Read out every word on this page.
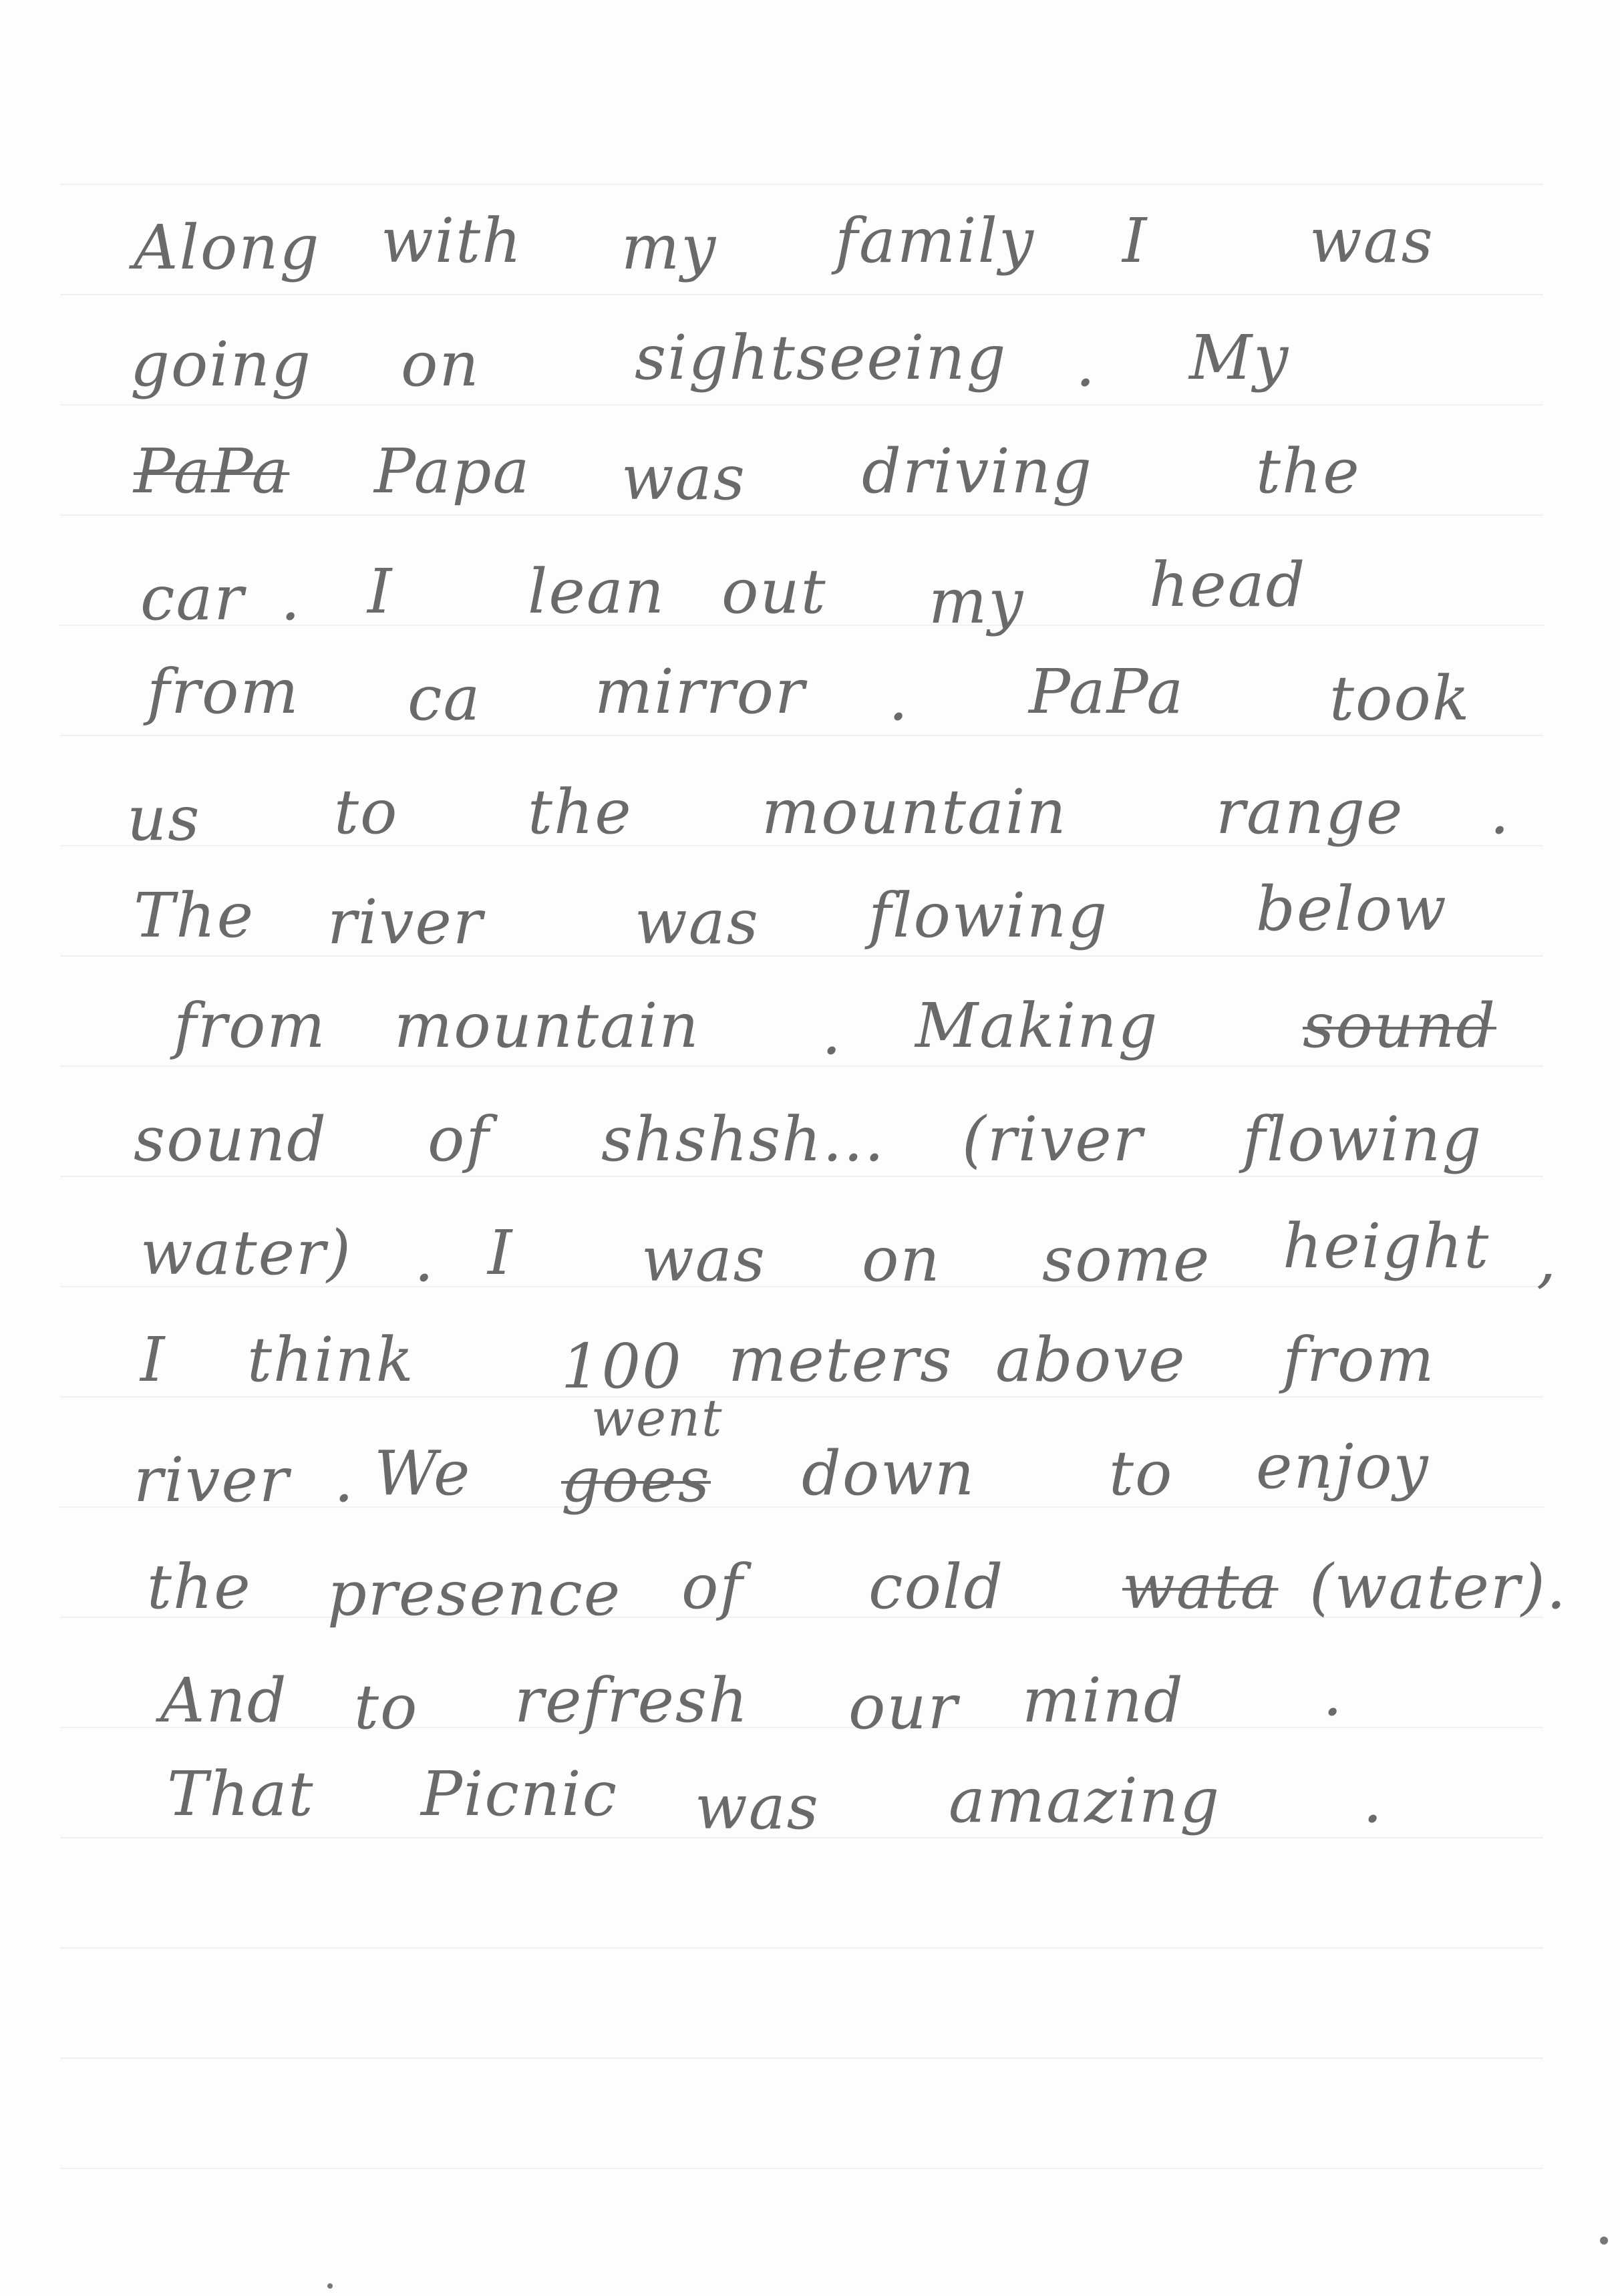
Along with my family I	was
going on	sightseeing . My
PaPa Papa was driving	the
car . I lean out my head
from ca mirror . PaPa took
us to the mountain range .
The river was flowing below
from mountain . Making sound
sound of shshsh... (river flowing
water) . I was on some height ,
I think 100 meters above from
river . We
went
goes down to enjoy
the presence of cold wata (water).
And to refresh our mind .
That Picnic was amazing .
